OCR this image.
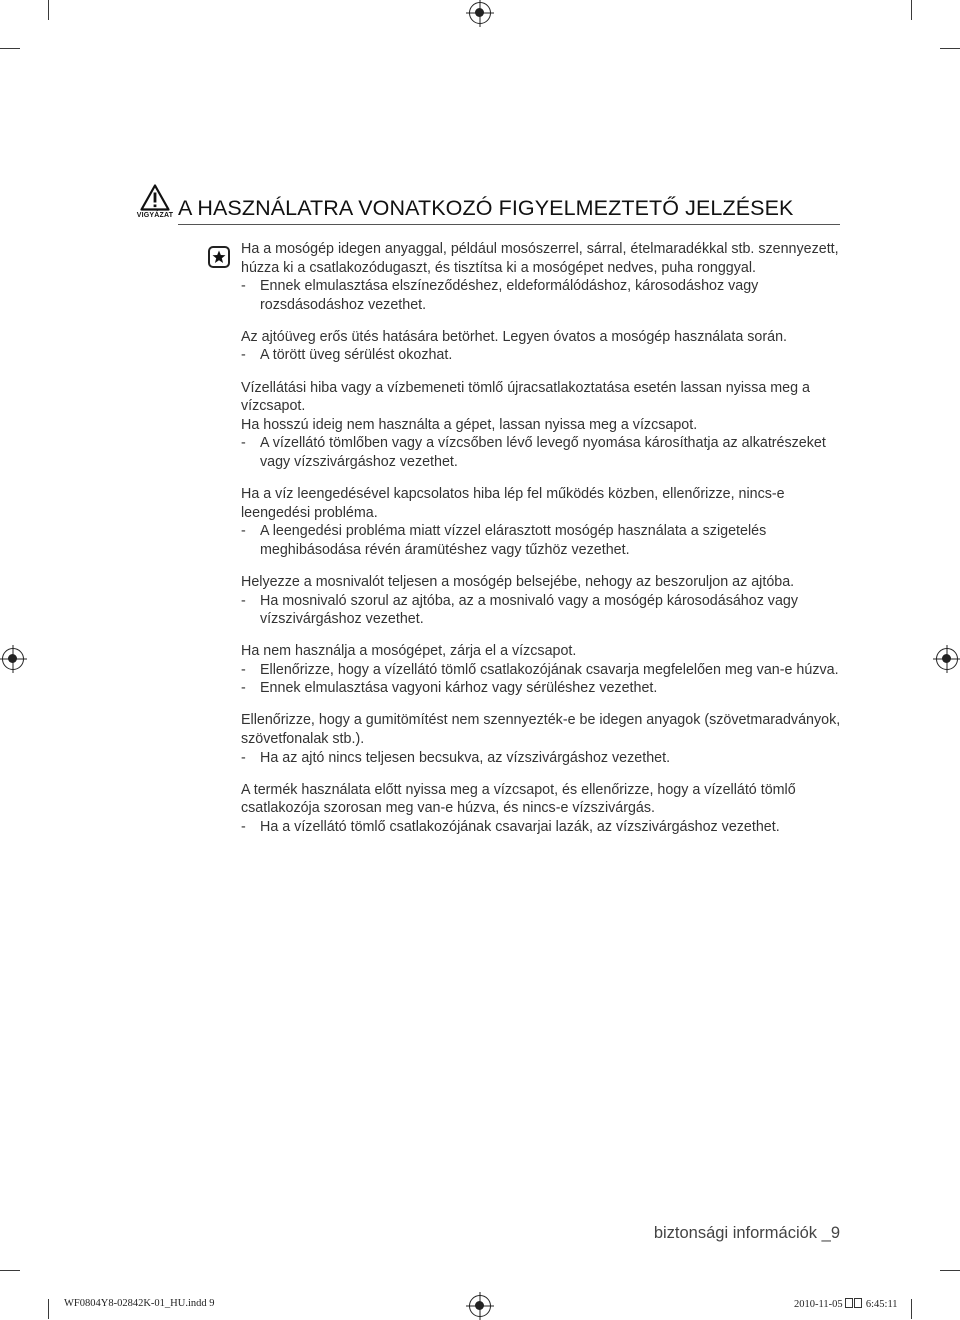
VIGYÁZAT A HASZNÁLATRA VONATKOZÓ FIGYELMEZTETŐ JELZÉSEK

Ha a mosógép idegen anyaggal, például mosószerrel, sárral, ételmaradékkal stb. szennyezett, húzza ki a csatlakozódugaszt, és tisztítsa ki a mosógépet nedves, puha ronggyal.

- Ennek elmulasztása elszíneződéshez, eldeformálódáshoz, károsodáshoz vagy rozsdásodáshoz vezethet.

Az ajtóüveg erős ütés hatására betörhet. Legyen óvatos a mosógép használata során.

- A törött üveg sérülést okozhat.

Vízellátási hiba vagy a vízbemeneti tömlő újracsatlakoztatása esetén lassan nyissa meg a vízcsapot.

Ha hosszú ideig nem használta a gépet, lassan nyissa meg a vízcsapot.

- A vízellátó tömlőben vagy a vízcsőben lévő levegő nyomása károsíthatja az alkatrészeket vagy vízszivárgáshoz vezethet.

Ha a víz leengedésével kapcsolatos hiba lép fel működés közben, ellenőrizze, nincs-e leengedési probléma.

- A leengedési probléma miatt vízzel elárasztott mosógép használata a szigetelés meghibásodása révén áramütéshez vagy tűzhöz vezethet.

Helyezze a mosnivalót teljesen a mosógép belsejébe, nehogy az beszoruljon az ajtóba.

- Ha mosnivaló szorul az ajtóba, az a mosnivaló vagy a mosógép károsodásához vagy vízszivárgáshoz vezethet.

Ha nem használja a mosógépet, zárja el a vízcsapot.

- Ellenőrizze, hogy a vízellátó tömlő csatlakozójának csavarja megfelelően meg van-e húzva.
- Ennek elmulasztása vagyoni kárhoz vagy sérüléshez vezethet.

Ellenőrizze, hogy a gumitömítést nem szennyezték-e be idegen anyagok (szövetmaradványok, szövetfonalak stb.).

- Ha az ajtó nincs teljesen becsukva, az vízszivárgáshoz vezethet.

A termék használata előtt nyissa meg a vízcsapot, és ellenőrizze, hogy a vízellátó tömlő csatlakozója szorosan meg van-e húzva, és nincs-e vízszivárgás.

- Ha a vízellátó tömlő csatlakozójának csavarjai lazák, az vízszivárgáshoz vezethet.
biztonsági információk _9
WF0804Y8-02842K-01_HU.indd 9	2010-11-05 6:45:11
